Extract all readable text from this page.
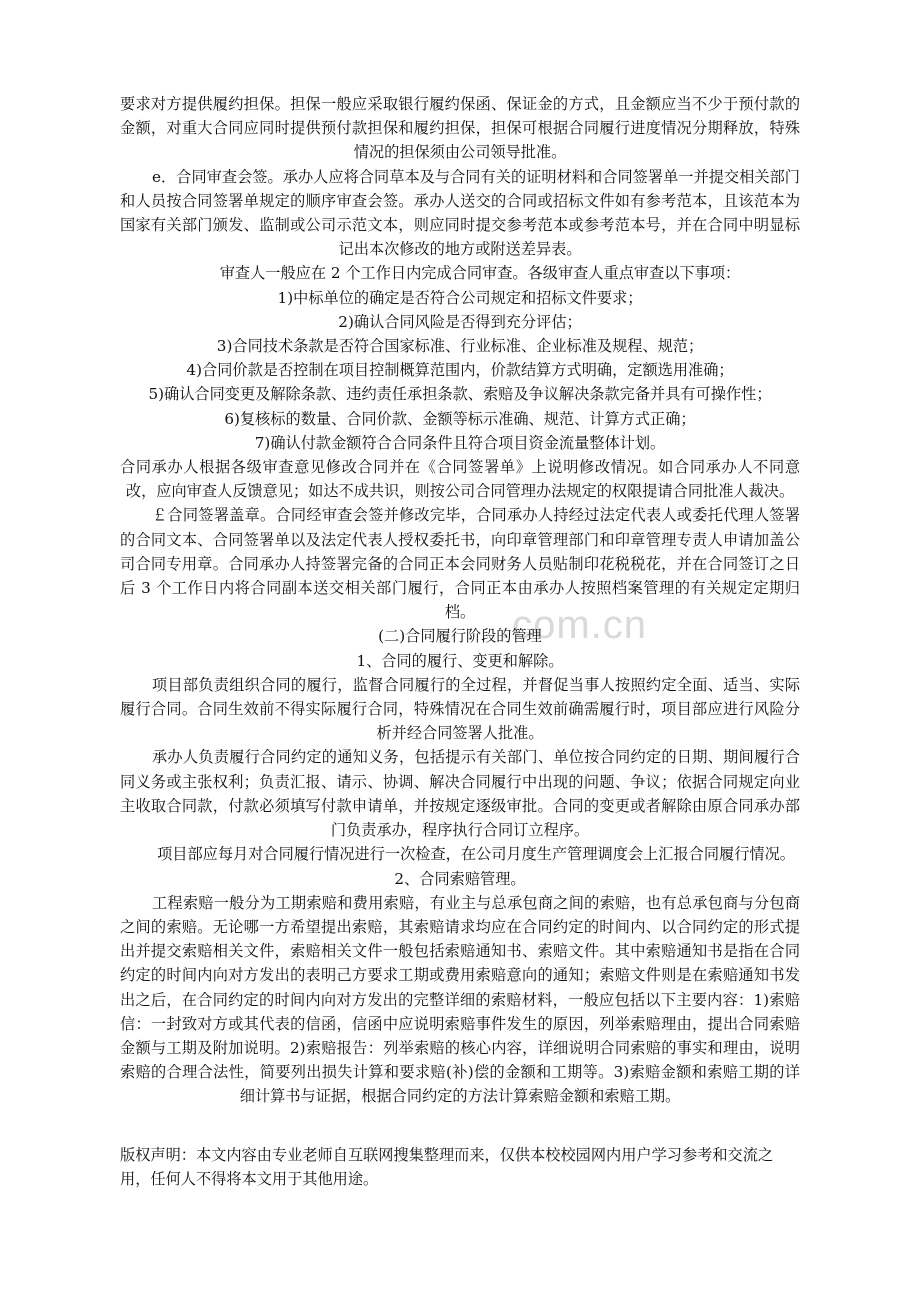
.com.cn

要求对方提供履约担保。担保一般应采取银行履约保函、保证金的方式，且金额应当不少于预付款的金额，对重大合同应同时提供预付款担保和履约担保，担保可根据合同履行进度情况分期释放，特殊情况的担保须由公司领导批准。

e．合同审查会签。承办人应将合同草本及与合同有关的证明材料和合同签署单一并提交相关部门和人员按合同签署单规定的顺序审查会签。承办人送交的合同或招标文件如有参考范本，且该范本为国家有关部门颁发、监制或公司示范文本，则应同时提交参考范本或参考范本号，并在合同中明显标记出本次修改的地方或附送差异表。

审查人一般应在 2 个工作日内完成合同审查。各级审查人重点审查以下事项：

1)中标单位的确定是否符合公司规定和招标文件要求；

2)确认合同风险是否得到充分评估；

3)合同技术条款是否符合国家标准、行业标准、企业标准及规程、规范；

4)合同价款是否控制在项目控制概算范围内，价款结算方式明确，定额选用准确；

5)确认合同变更及解除条款、违约责任承担条款、索赔及争议解决条款完备并具有可操作性；

6)复核标的数量、合同价款、金额等标示准确、规范、计算方式正确；

7)确认付款金额符合合同条件且符合项目资金流量整体计划。

合同承办人根据各级审查意见修改合同并在《合同签署单》上说明修改情况。如合同承办人不同意改，应向审查人反馈意见；如达不成共识，则按公司合同管理办法规定的权限提请合同批准人裁决。

￡合同签署盖章。合同经审查会签并修改完毕，合同承办人持经过法定代表人或委托代理人签署的合同文本、合同签署单以及法定代表人授权委托书，向印章管理部门和印章管理专责人申请加盖公司合同专用章。合同承办人持签署完备的合同正本会同财务人员贴制印花税税花，并在合同签订之日后 3 个工作日内将合同副本送交相关部门履行，合同正本由承办人按照档案管理的有关规定定期归档。

(二)合同履行阶段的管理

1、合同的履行、变更和解除。

项目部负责组织合同的履行，监督合同履行的全过程，并督促当事人按照约定全面、适当、实际履行合同。合同生效前不得实际履行合同，特殊情况在合同生效前确需履行时，项目部应进行风险分析并经合同签署人批准。

承办人负责履行合同约定的通知义务，包括提示有关部门、单位按合同约定的日期、期间履行合同义务或主张权利；负责汇报、请示、协调、解决合同履行中出现的问题、争议；依据合同规定向业主收取合同款，付款必须填写付款申请单，并按规定逐级审批。合同的变更或者解除由原合同承办部门负责承办，程序执行合同订立程序。

项目部应每月对合同履行情况进行一次检查，在公司月度生产管理调度会上汇报合同履行情况。

2、合同索赔管理。

工程索赔一般分为工期索赔和费用索赔，有业主与总承包商之间的索赔，也有总承包商与分包商之间的索赔。无论哪一方希望提出索赔，其索赔请求均应在合同约定的时间内、以合同约定的形式提出并提交索赔相关文件，索赔相关文件一般包括索赔通知书、索赔文件。其中索赔通知书是指在合同约定的时间内向对方发出的表明己方要求工期或费用索赔意向的通知；索赔文件则是在索赔通知书发出之后，在合同约定的时间内向对方发出的完整详细的索赔材料，一般应包括以下主要内容：1)索赔信：一封致对方或其代表的信函，信函中应说明索赔事件发生的原因，列举索赔理由，提出合同索赔金额与工期及附加说明。2)索赔报告：列举索赔的核心内容，详细说明合同索赔的事实和理由，说明索赔的合理合法性，简要列出损失计算和要求赔(补)偿的金额和工期等。3)索赔金额和索赔工期的详细计算书与证据，根据合同约定的方法计算索赔金额和索赔工期。

版权声明：本文内容由专业老师自互联网搜集整理而来，仅供本校校园网内用户学习参考和交流之用，任何人不得将本文用于其他用途。
